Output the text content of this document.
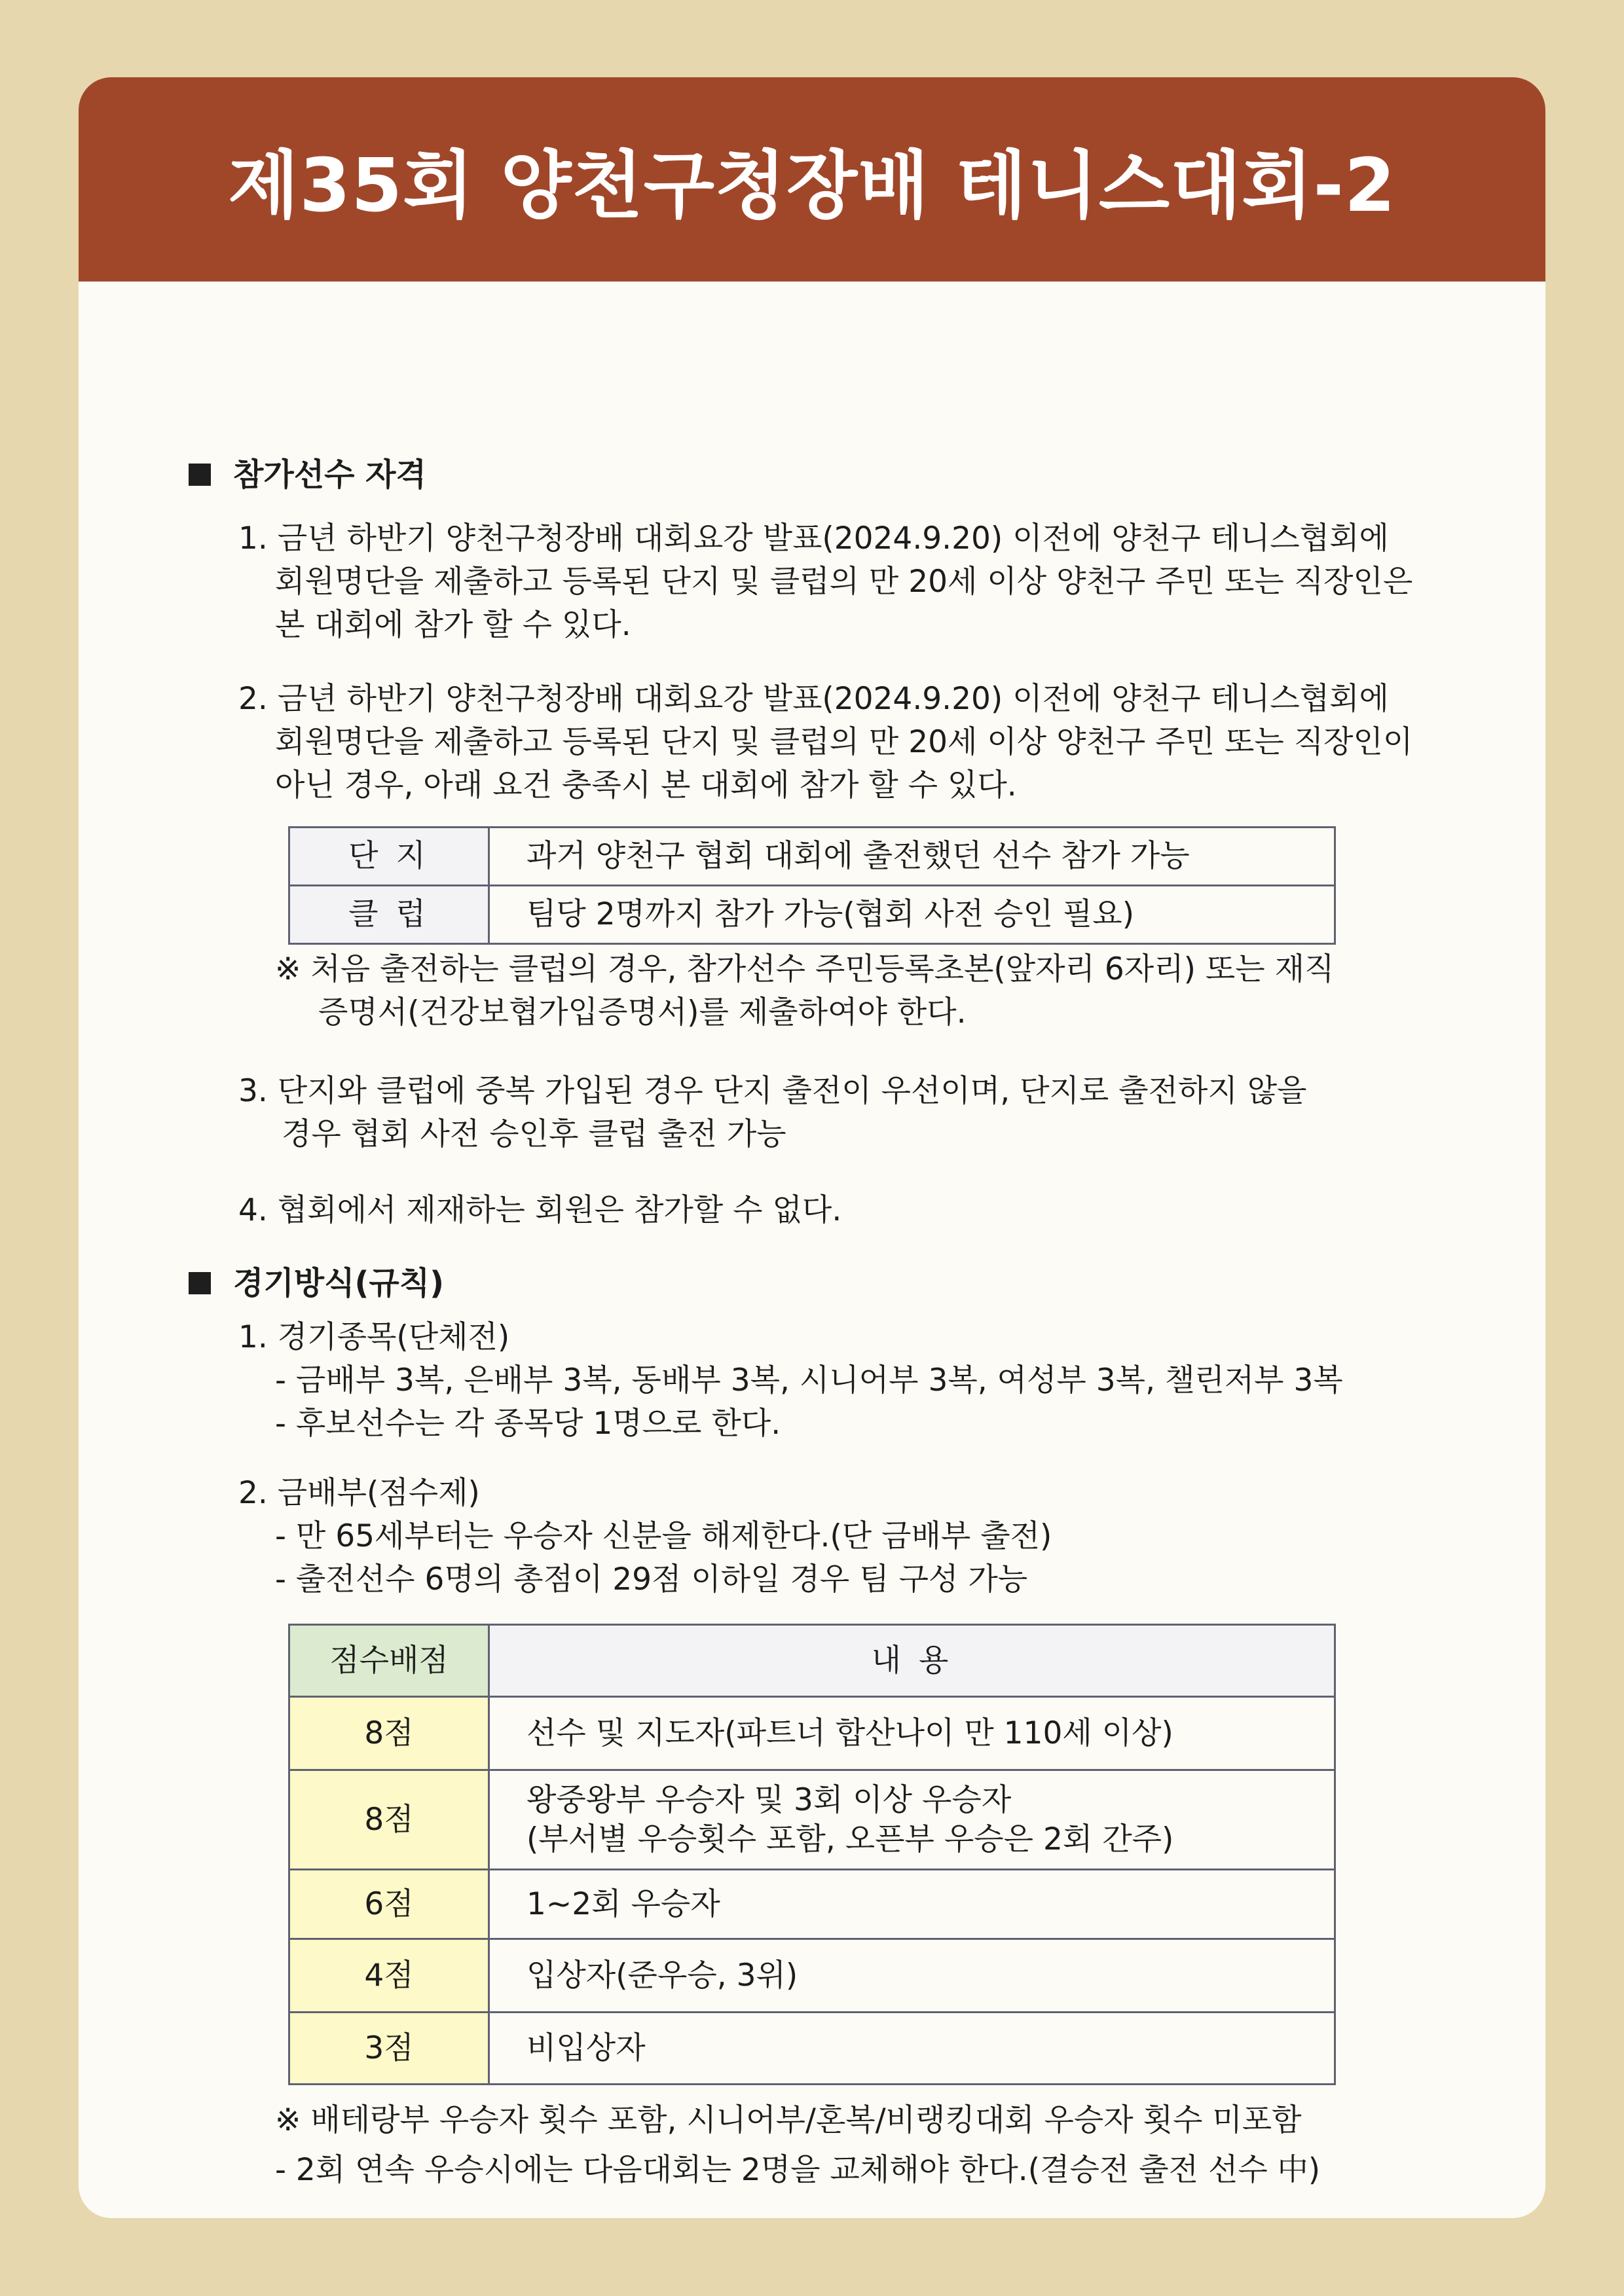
제35회 양천구청장배 테니스대회-2
참가선수 자격
1. 금년 하반기 양천구청장배 대회요강 발표(2024.9.20) 이전에 양천구 테니스협회에
회원명단을 제출하고 등록된 단지 및 클럽의 만 20세 이상 양천구 주민 또는 직장인은
본 대회에 참가 할 수 있다.
2. 금년 하반기 양천구청장배 대회요강 발표(2024.9.20) 이전에 양천구 테니스협회에
회원명단을 제출하고 등록된 단지 및 클럽의 만 20세 이상 양천구 주민 또는 직장인이
아닌 경우, 아래 요건 충족시 본 대회에 참가 할 수 있다.
단 지	과거 양천구 협회 대회에 출전했던 선수 참가 가능
클 럽	팀당 2명까지 참가 가능(협회 사전 승인 필요)
※ 처음 출전하는 클럽의 경우, 참가선수 주민등록초본(앞자리 6자리) 또는 재직
증명서(건강보협가입증명서)를 제출하여야 한다.
3. 단지와 클럽에 중복 가입된 경우 단지 출전이 우선이며, 단지로 출전하지 않을
경우 협회 사전 승인후 클럽 출전 가능
4. 협회에서 제재하는 회원은 참가할 수 없다.
경기방식(규칙)
1. 경기종목(단체전)
- 금배부 3복, 은배부 3복, 동배부 3복, 시니어부 3복, 여성부 3복, 챌린저부 3복
- 후보선수는 각 종목당 1명으로 한다.
2. 금배부(점수제)
- 만 65세부터는 우승자 신분을 해제한다.(단 금배부 출전)
- 출전선수 6명의 총점이 29점 이하일 경우 팀 구성 가능
점수배점	내 용
8점	선수 및 지도자(파트너 합산나이 만 110세 이상)
8점	왕중왕부 우승자 및 3회 이상 우승자
(부서별 우승횟수 포함, 오픈부 우승은 2회 간주)

6점	1~2회 우승자
4점	입상자(준우승, 3위)
3점	비입상자
※ 배테랑부 우승자 횟수 포함, 시니어부/혼복/비랭킹대회 우승자 횟수 미포함
- 2회 연속 우승시에는 다음대회는 2명을 교체해야 한다.(결승전 출전 선수 中)
